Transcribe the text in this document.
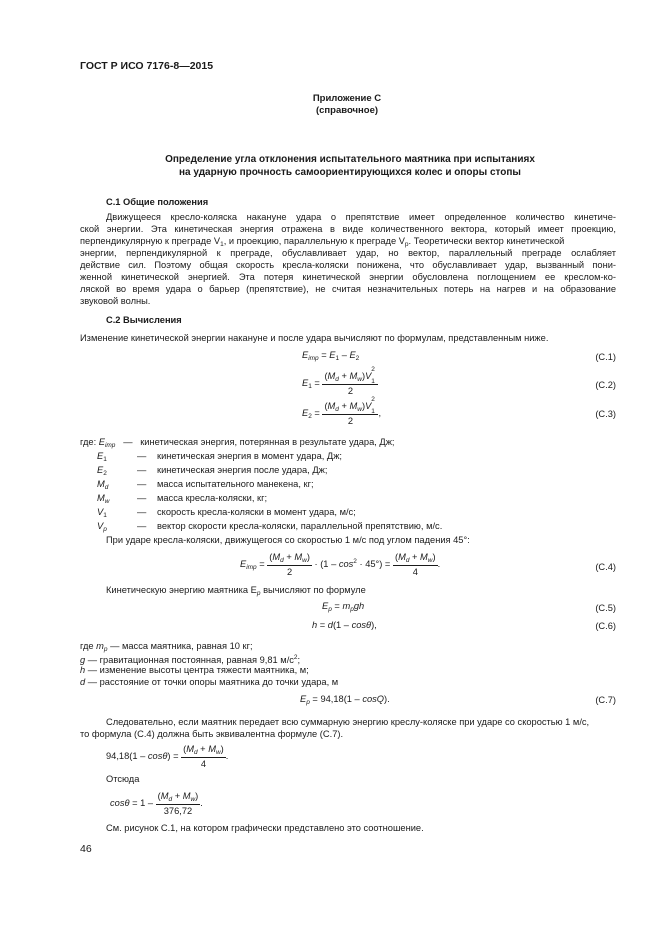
ГОСТ Р ИСО 7176-8—2015
Приложение С
(справочное)
Определение угла отклонения испытательного маятника при испытаниях
на ударную прочность самоориентирующихся колес и опоры стопы
С.1 Общие положения
Движущееся кресло-коляска накануне удара о препятствие имеет определенное количество кинетиче-
ской энергии. Эта кинетическая энергия отражена в виде количественного вектора, который имеет проекцию,
перпендикулярную к преграде $V_1$, и проекцию, параллельную к преграде $V_p$. Теоретически вектор кинетической
энергии, перпендикулярной к преграде, обуславливает удар, но вектор, параллельный преграде ослабляет
действие сил. Поэтому общая скорость кресла-коляски понижена, что обуславливает удар, вызванный пони-
женной кинетической энергией. Эта потеря кинетической энергии обусловлена поглощением ее креслом-ко-
ляской во время удара о барьер (препятствие), не считая незначительных потерь на нагрев и на образование
звуковой волны.
С.2 Вычисления
Изменение кинетической энергии накануне и после удара вычисляют по формулам, представленным ниже.
$E_{imp} = E_1 - E_2$	(С.1)
$E_1 = (M_d + M_w)V$
2
1

2	(С.2)
$E_2 = (M_d + M_w)V$
2
1

2 ,	(С.3)
где: $E_{imp}$ — кинетическая энергия, потерянная в результате удара, Дж;
$E_1$	— кинетическая энергия в момент удара, Дж;
$E_2$	— кинетическая энергия после удара, Дж;
$M_d$	— масса испытательного манекена, кг;
$M_w$	— масса кресла-коляски, кг;
$V_1$	— скорость кресла-коляски в момент удара, м/с;
$V_p$	— вектор скорости кресла-коляски, параллельной препятствию, м/с.
При ударе кресла-коляски, движущегося со скоростью 1 м/с под углом падения 45°:
$E_{imp} = \frac{(M_d + M_w)}{2} \cdot (1 - \cos^2 \cdot 45^\circ) = \frac{(M_d + M_w)}{4}$ .	(С.4)
Кинетическую энергию маятника $E_p$ вычисляют по формуле
$E_p = m_pgh$	(С.5)
h = d(1 – cosθ),	(С.6)
где $m_p$ — масса маятника, равная 10 кг;
g — гравитационная постоянная, равная 9,81 $м/с^2$;
h — изменение высоты центра тяжести маятника, м;
d — расстояние от точки опоры маятника до точки удара, м
$E_p = 94,18(1 - \cos Q)$.	(С.7)
Следовательно, если маятник передает всю суммарную энергию креслу-коляске при ударе со скоростью 1 м/с,
то формула (С.4) должна быть эквивалентна формуле (С.7).
$94,18(1 - \cos\theta) = \frac{(M_d + M_w)}{4}$ .
Отсюда
$\cos\theta = 1 - \frac{(M_d + M_w)}{376,72}$ .
См. рисунок С.1, на котором графически представлено это соотношение.
46
